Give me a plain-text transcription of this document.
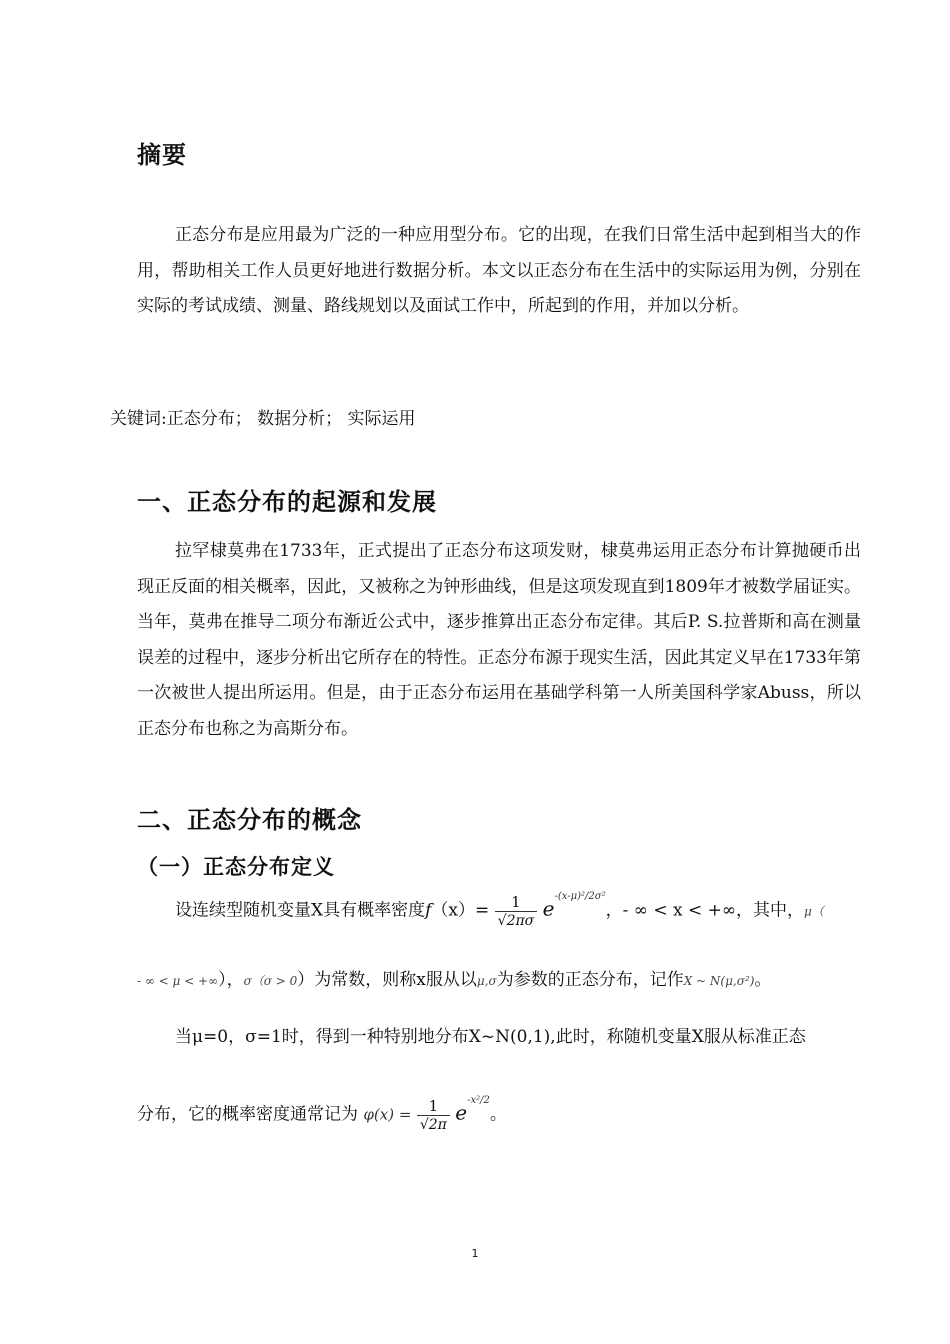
摘要
正态分布是应用最为广泛的一种应用型分布。它的出现，在我们日常生活中起到相当大的作用，帮助相关工作人员更好地进行数据分析。本文以正态分布在生活中的实际运用为例，分别在实际的考试成绩、测量、路线规划以及面试工作中，所起到的作用，并加以分析。
关键词:正态分布； 数据分析； 实际运用
一、正态分布的起源和发展
拉罕棣莫弗在1733年，正式提出了正态分布这项发财，棣莫弗运用正态分布计算抛硬币出现正反面的相关概率，因此，又被称之为钟形曲线，但是这项发现直到1809年才被数学届证实。当年，莫弗在推导二项分布渐近公式中，逐步推算出正态分布定律。其后P. S.拉普斯和高在测量误差的过程中，逐步分析出它所存在的特性。正态分布源于现实生活，因此其定义早在1733年第一次被世人提出所运用。但是，由于正态分布运用在基础学科第一人所美国科学家Abuss，所以正态分布也称之为高斯分布。
二、正态分布的概念
（一）正态分布定义
设连续型随机变量X具有概率密度$f(x)= \frac{1}{√2\pi\sigma} e^{-(x-\mu)^2/2\sigma^2}$，- ∞ < x < +∞，其中，μ（
- ∞ < μ < +∞），σ（σ > 0）为常数，则称x服从以μ,σ为参数的正态分布，记作X ~ N(μ,σ²)。
当μ=0，σ=1时，得到一种特别地分布X~N(0,1),此时，称随机变量X服从标准正态
分布，它的概率密度通常记为 $\varphi(x) = \frac{1}{√2\pi} e^{-x^2/2}$。
1
